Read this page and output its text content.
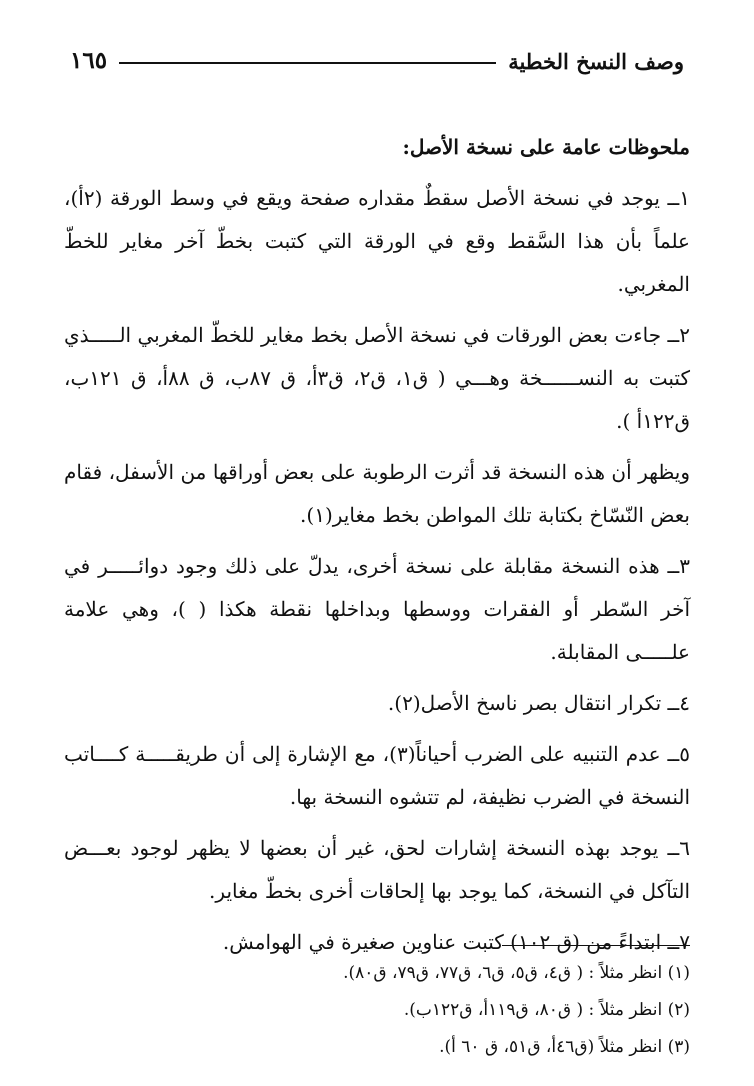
وصف النسخ الخطية
١٦٥

ملحوظات عامة على نسخة الأصل:

١ــ يوجد في نسخة الأصل سقطٌ مقداره صفحة ويقع في وسط الورقة (٢أ)، علماً بأن هذا السَّقط وقع في الورقة التي كتبت بخطّ آخر مغاير للخطّ المغربي.

٢ــ جاءت بعض الورقات في نسخة الأصل بخط مغاير للخطّ المغربي الـــــذي كتبت به النســــــخة وهـــي ( ق١، ق٢، ق٣أ، ق ٨٧ب، ق ٨٨أ، ق ١٢١ب، ق١٢٢أ ).

ويظهر أن هذه النسخة قد أثرت الرطوبة على بعض أوراقها من الأسفل، فقام بعض النّسّاخ بكتابة تلك المواطن بخط مغاير(١).

٣ــ هذه النسخة مقابلة على نسخة أخرى، يدلّ على ذلك وجود دوائـــــر في آخر السّطر أو الفقرات ووسطها وبداخلها نقطة هكذا ( )، وهي علامة علـــــى المقابلة.

٤ــ تكرار انتقال بصر ناسخ الأصل(٢).

٥ــ عدم التنبيه على الضرب أحياناً(٣)، مع الإشارة إلى أن طريقـــــة كــــاتب النسخة في الضرب نظيفة، لم تتشوه النسخة بها.

٦ــ يوجد بهذه النسخة إشارات لحق، غير أن بعضها لا يظهر لوجود بعـــض التآكل في النسخة، كما يوجد بها إلحاقات أخرى بخطّ مغاير.

٧ــ ابتداءً من (ق ١٠٢) كتبت عناوين صغيرة في الهوامش.

(١) انظر مثلاً : ( ق٤، ق٥، ق٦، ق٧٧، ق٧٩، ق٨٠).

(٢) انظر مثلاً : ( ق٨٠، ق١١٩أ، ق١٢٢ب).

(٣) انظر مثلاً (ق٤٦أ، ق٥١، ق ٦٠ أ).
